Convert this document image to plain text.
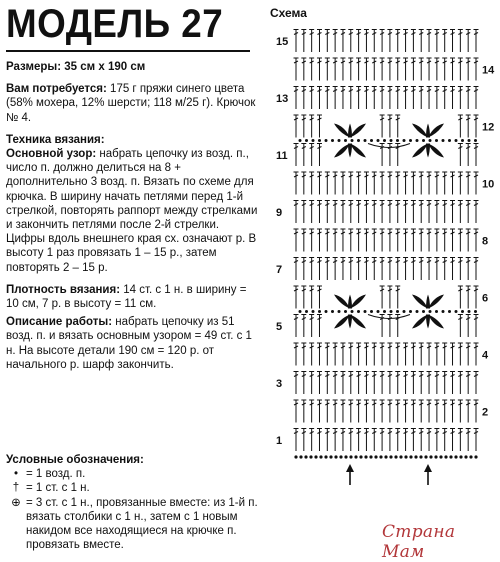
МОДЕЛЬ 27

Размеры: 35 см х 190 см

Вам потребуется: 175 г пряжи синего цвета (58% мохера, 12% шерсти; 118 м/25 г). Крючок № 4.

Техника вязания:
Основной узор: набрать цепочку из возд. п., число п. должно делиться на 8 + дополнительно 3 возд. п. Вязать по схеме для крючка. В ширину начать петлями перед 1-й стрелкой, повторять раппорт между стрелками и закончить петлями после 2-й стрелки. Цифры вдоль внешнего края сх. означают р. В высоту 1 раз провязать 1 – 15 р., затем повторять 2 – 15 р.

Плотность вязания: 14 ст. с 1 н. в ширину = 10 см, 7 р. в высоту = 11 см.

Описание работы: набрать цепочку из 51 возд. п. и вязать основным узором = 49 ст. с 1 н. На высоте детали 190 см = 120 р. от начального р. шарф закончить.

Условные обозначения:
• = 1 возд. п.
† = 1 ст. с 1 н.
⊕ = 3 ст. с 1 н., провязанные вместе: из 1-й п. вязать столбики с 1 н., затем с 1 новым накидом все находящиеся на крючке п. провязать вместе.
Схема
1
3
5
7
9
11
13
15
2
4
6
8
10
12
14
Страна Мам
